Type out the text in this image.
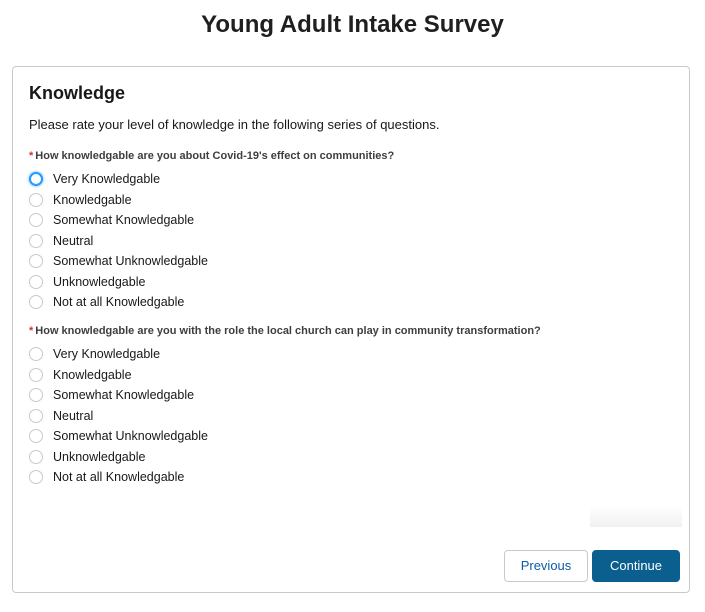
Young Adult Intake Survey
Knowledge
Please rate your level of knowledge in the following series of questions.
* How knowledgable are you about Covid-19's effect on communities?
Very Knowledgable
Knowledgable
Somewhat Knowledgable
Neutral
Somewhat Unknowledgable
Unknowledgable
Not at all Knowledgable
* How knowledgable are you with the role the local church can play in community transformation?
Very Knowledgable
Knowledgable
Somewhat Knowledgable
Neutral
Somewhat Unknowledgable
Unknowledgable
Not at all Knowledgable
Previous	Continue
